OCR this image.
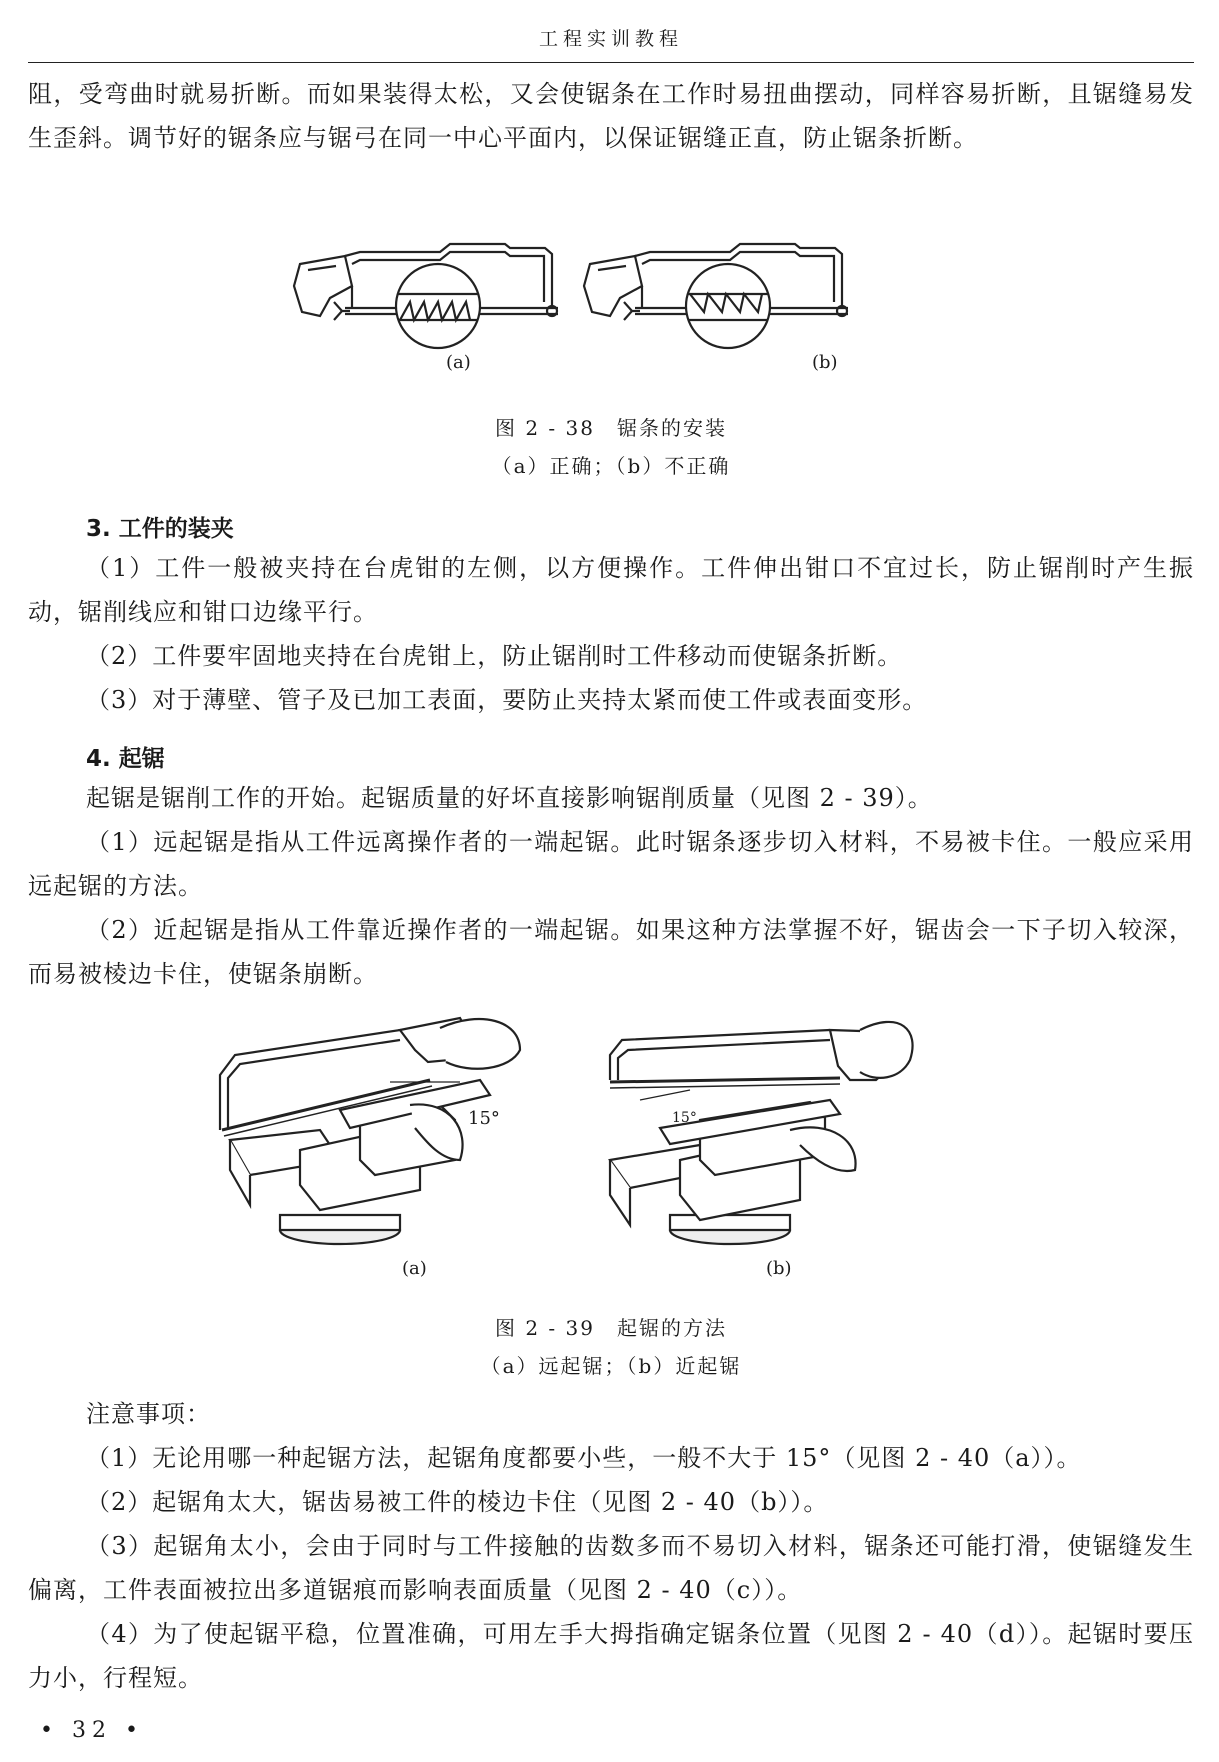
工程实训教程

阻，受弯曲时就易折断。而如果装得太松，又会使锯条在工作时易扭曲摆动，同样容易折断，且锯缝易发生歪斜。调节好的锯条应与锯弓在同一中心平面内，以保证锯缝正直，防止锯条折断。

(a)	(b)

图 2 - 38　锯条的安装

（a）正确；（b）不正确

3. 工件的装夹

（1）工件一般被夹持在台虎钳的左侧，以方便操作。工件伸出钳口不宜过长，防止锯削时产生振动，锯削线应和钳口边缘平行。

（2）工件要牢固地夹持在台虎钳上，防止锯削时工件移动而使锯条折断。

（3）对于薄壁、管子及已加工表面，要防止夹持太紧而使工件或表面变形。

4. 起锯

起锯是锯削工作的开始。起锯质量的好坏直接影响锯削质量（见图 2 - 39）。

（1）远起锯是指从工件远离操作者的一端起锯。此时锯条逐步切入材料，不易被卡住。一般应采用远起锯的方法。

（2）近起锯是指从工件靠近操作者的一端起锯。如果这种方法掌握不好，锯齿会一下子切入较深，而易被棱边卡住，使锯条崩断。

15°	15°
(a)	(b)

图 2 - 39　起锯的方法

（a）远起锯；（b）近起锯

注意事项：

（1）无论用哪一种起锯方法，起锯角度都要小些，一般不大于 15°（见图 2 - 40（a））。

（2）起锯角太大，锯齿易被工件的棱边卡住（见图 2 - 40（b））。

（3）起锯角太小，会由于同时与工件接触的齿数多而不易切入材料，锯条还可能打滑，使锯缝发生偏离，工件表面被拉出多道锯痕而影响表面质量（见图 2 - 40（c））。

（4）为了使起锯平稳，位置准确，可用左手大拇指确定锯条位置（见图 2 - 40（d））。起锯时要压力小，行程短。

• 32 •
